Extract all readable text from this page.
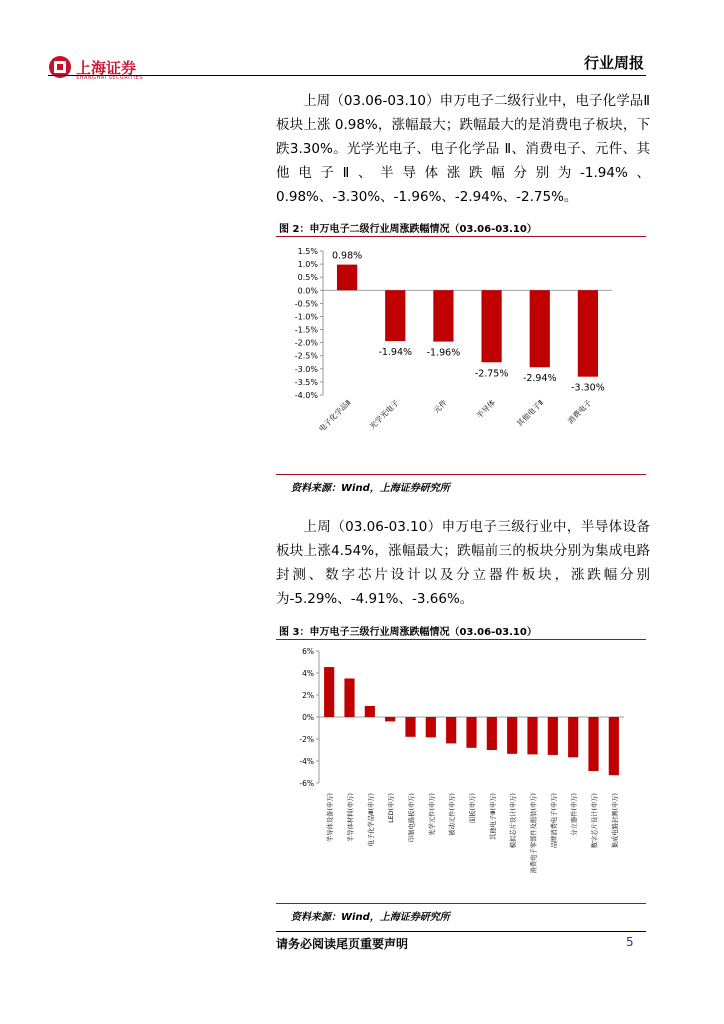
上海证券
SHANGHAI SECURITIES
行业周报
上周（03.06-03.10）申万电子二级行业中，电子化学品Ⅱ板块上涨 0.98%，涨幅最大；跌幅最大的是消费电子板块，下跌3.30%。光学光电子、电子化学品 Ⅱ、消费电子、元件、其他电子Ⅱ、半导体涨跌幅分别为-1.94%、0.98%、-3.30%、-1.96%、-2.94%、-2.75%。
图 2：申万电子二级行业周涨跌幅情况（03.06-03.10）
1.5%
1.0%
0.5%
0.0%
-0.5%
-1.0%
-1.5%
-2.0%
-2.5%
-3.0%
-3.5%
-4.0%
0.98%
电子化学品Ⅱ
-1.94%
光学光电子
-1.96%
元件
-2.75%
半导体
-2.94%
其他电子Ⅱ
-3.30%
消费电子
资料来源：Wind，上海证券研究所
上周（03.06-03.10）申万电子三级行业中，半导体设备板块上涨4.54%，涨幅最大；跌幅前三的板块分别为集成电路封测、数字芯片设计以及分立器件板块，涨跌幅分别为-5.29%、-4.91%、-3.66%。
图 3：申万电子三级行业周涨跌幅情况（03.06-03.10）
6%
4%
2%
0%
-2%
-4%
-6%
半导体设备(申万)	半导体材料(申万)	电子化学品Ⅲ(申万)	LED(申万)	印制电路板(申万)	光学元件(申万)	被动元件(申万)	面板(申万)	其他电子Ⅲ(申万)	模拟芯片设计(申万)	消费电子零部件及组装(申万)	品牌消费电子(申万)	分立器件(申万)	数字芯片设计(申万)	集成电路封测(申万)
资料来源：Wind，上海证券研究所
请务必阅读尾页重要声明	5
